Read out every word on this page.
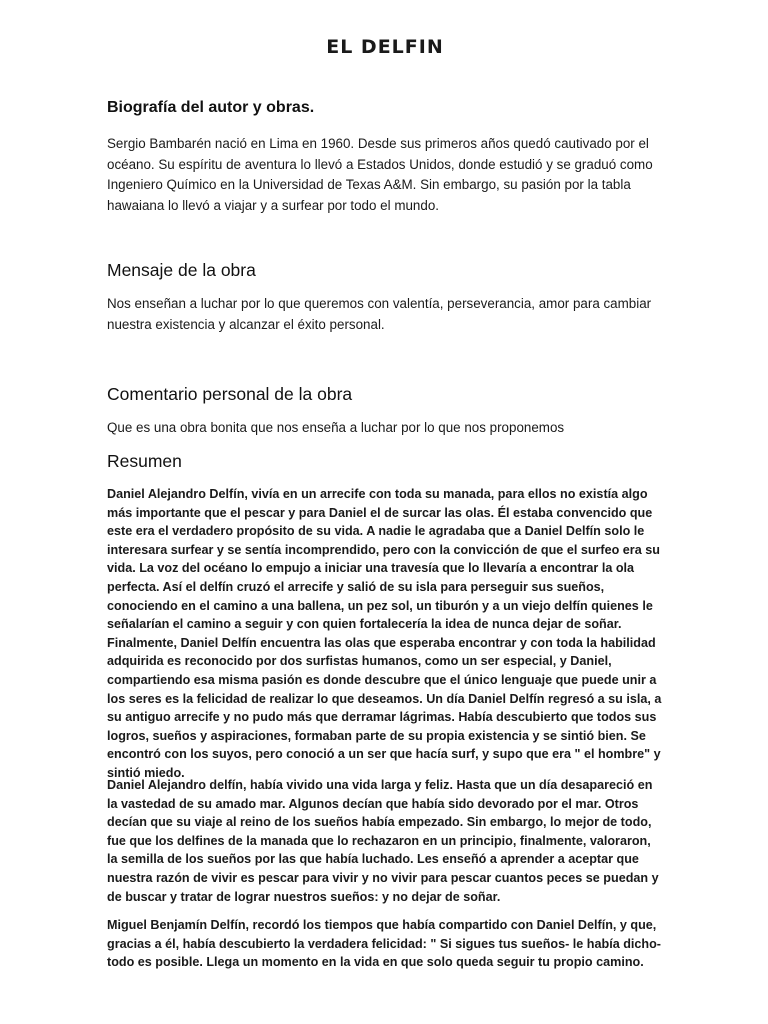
EL DELFIN
Biografía del autor y obras.

Sergio Bambarén nació en Lima en 1960. Desde sus primeros años quedó cautivado por el océano. Su espíritu de aventura lo llevó a Estados Unidos, donde estudió y se graduó como Ingeniero Químico en la Universidad de Texas A&M. Sin embargo, su pasión por la tabla hawaiana lo llevó a viajar y a surfear por todo el mundo.

Mensaje de la obra

Nos enseñan a luchar por lo que queremos con valentía, perseverancia, amor para cambiar nuestra existencia y alcanzar el éxito personal.

Comentario personal de la obra

Que es una obra bonita que nos enseña a luchar por lo que nos proponemos

Resumen

Daniel Alejandro Delfín, vivía en un arrecife con toda su manada, para ellos no existía algo más importante que el pescar y para Daniel el de surcar las olas. Él estaba convencido que este era el verdadero propósito de su vida. A nadie le agradaba que a Daniel Delfín solo le interesara surfear y se sentía incomprendido, pero con la convicción de que el surfeo era su vida. La voz del océano lo empujo a iniciar una travesía que lo llevaría a encontrar la ola perfecta. Así el delfín cruzó el arrecife y salió de su isla para perseguir sus sueños, conociendo en el camino a una ballena, un pez sol, un tiburón y a un viejo delfín quienes le señalarían el camino a seguir y con quien fortalecería la idea de nunca dejar de soñar. Finalmente, Daniel Delfín encuentra las olas que esperaba encontrar y con toda la habilidad adquirida es reconocido por dos surfistas humanos, como un ser especial, y Daniel, compartiendo esa misma pasión es donde descubre que el único lenguaje que puede unir a los seres es la felicidad de realizar lo que deseamos. Un día Daniel Delfín regresó a su isla, a su antiguo arrecife y no pudo más que derramar lágrimas. Había descubierto que todos sus logros, sueños y aspiraciones, formaban parte de su propia existencia y se sintió bien. Se encontró con los suyos, pero conoció a un ser que hacía surf, y supo que era " el hombre" y sintió miedo.

Daniel Alejandro delfín, había vivido una vida larga y feliz. Hasta que un día desapareció en la vastedad de su amado mar. Algunos decían que había sido devorado por el mar. Otros decían que su viaje al reino de los sueños había empezado. Sin embargo, lo mejor de todo, fue que los delfines de la manada que lo rechazaron en un principio, finalmente, valoraron, la semilla de los sueños por las que había luchado. Les enseñó a aprender a aceptar que nuestra razón de vivir es pescar para vivir y no vivir para pescar cuantos peces se puedan y de buscar y tratar de lograr nuestros sueños: y no dejar de soñar.

Miguel Benjamín Delfín, recordó los tiempos que había compartido con Daniel Delfín, y que, gracias a él, había descubierto la verdadera felicidad: " Si sigues tus sueños- le había dicho- todo es posible. Llega un momento en la vida en que solo queda seguir tu propio camino.
